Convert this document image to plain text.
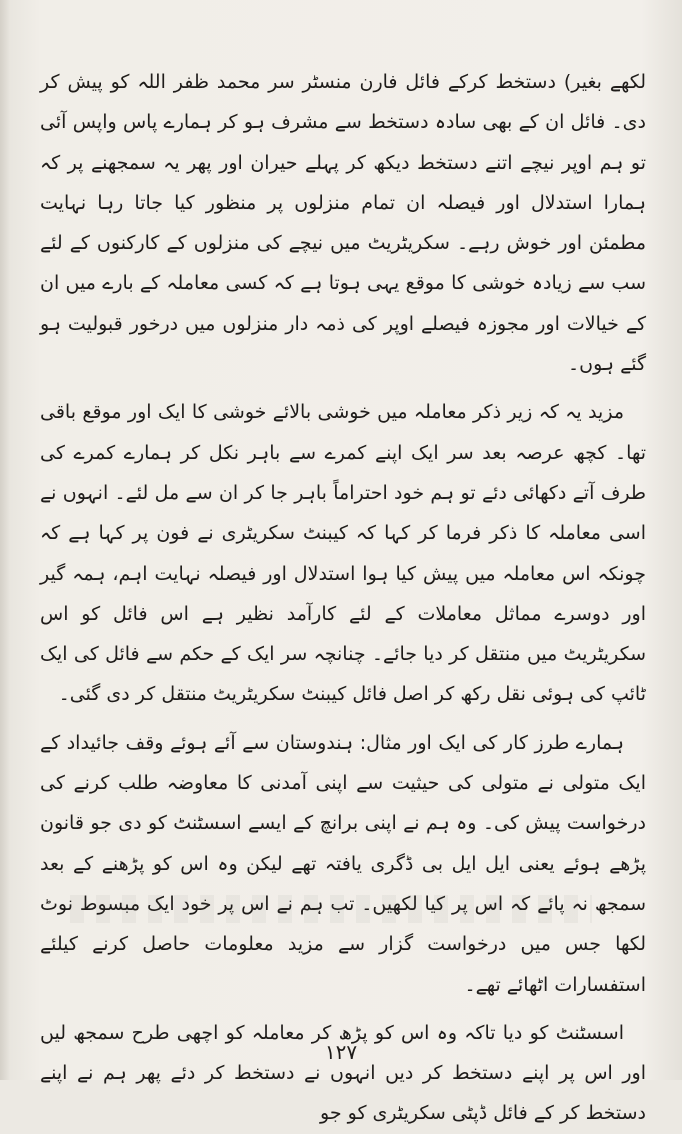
لکھے بغیر) دستخط کرکے فائل فارن منسٹر سر محمد ظفر اللہ کو پیش کر دی۔ فائل ان کے بھی سادہ دستخط سے مشرف ہو کر ہمارے پاس واپس آئی تو ہم اوپر نیچے اتنے دستخط دیکھ کر پہلے حیران اور پھر یہ سمجھنے پر کہ ہمارا استدلال اور فیصلہ ان تمام منزلوں پر منظور کیا جاتا رہا نہایت مطمئن اور خوش رہے۔ سکریٹریٹ میں نیچے کی منزلوں کے کارکنوں کے لئے سب سے زیادہ خوشی کا موقع یہی ہوتا ہے کہ کسی معاملہ کے بارے میں ان کے خیالات اور مجوزہ فیصلے اوپر کی ذمہ دار منزلوں میں درخور قبولیت ہو گئے ہوں۔

مزید یہ کہ زیر ذکر معاملہ میں خوشی بالائے خوشی کا ایک اور موقع باقی تھا۔ کچھ عرصہ بعد سر ایک اپنے کمرے سے باہر نکل کر ہمارے کمرے کی طرف آتے دکھائی دئے تو ہم خود احتراماً باہر جا کر ان سے مل لئے۔ انہوں نے اسی معاملہ کا ذکر فرما کر کہا کہ کیبنٹ سکریٹری نے فون پر کہا ہے کہ چونکہ اس معاملہ میں پیش کیا ہوا استدلال اور فیصلہ نہایت اہم، ہمہ گیر اور دوسرے مماثل معاملات کے لئے کارآمد نظیر ہے اس فائل کو اس سکریٹریٹ میں منتقل کر دیا جائے۔ چنانچہ سر ایک کے حکم سے فائل کی ایک ٹائپ کی ہوئی نقل رکھ کر اصل فائل کیبنٹ سکریٹریٹ منتقل کر دی گئی۔

ہمارے طرز کار کی ایک اور مثال: ہندوستان سے آئے ہوئے وقف جائیداد کے ایک متولی نے متولی کی حیثیت سے اپنی آمدنی کا معاوضہ طلب کرنے کی درخواست پیش کی۔ وہ ہم نے اپنی برانچ کے ایسے اسسٹنٹ کو دی جو قانون پڑھے ہوئے یعنی ایل ایل بی ڈگری یافتہ تھے لیکن وہ اس کو پڑھنے کے بعد سمجھ نہ پائے کہ اس پر کیا لکھیں۔ تب ہم نے اس پر خود ایک مبسوط نوٹ لکھا جس میں درخواست گزار سے مزید معلومات حاصل کرنے کیلئے استفسارات اٹھائے تھے۔

اسسٹنٹ کو دیا تاکہ وہ اس کو پڑھ کر معاملہ کو اچھی طرح سمجھ لیں اور اس پر اپنے دستخط کر دیں انہوں نے دستخط کر دئے پھر ہم نے اپنے دستخط کر کے فائل ڈپٹی سکریٹری کو جو

١٢٧
